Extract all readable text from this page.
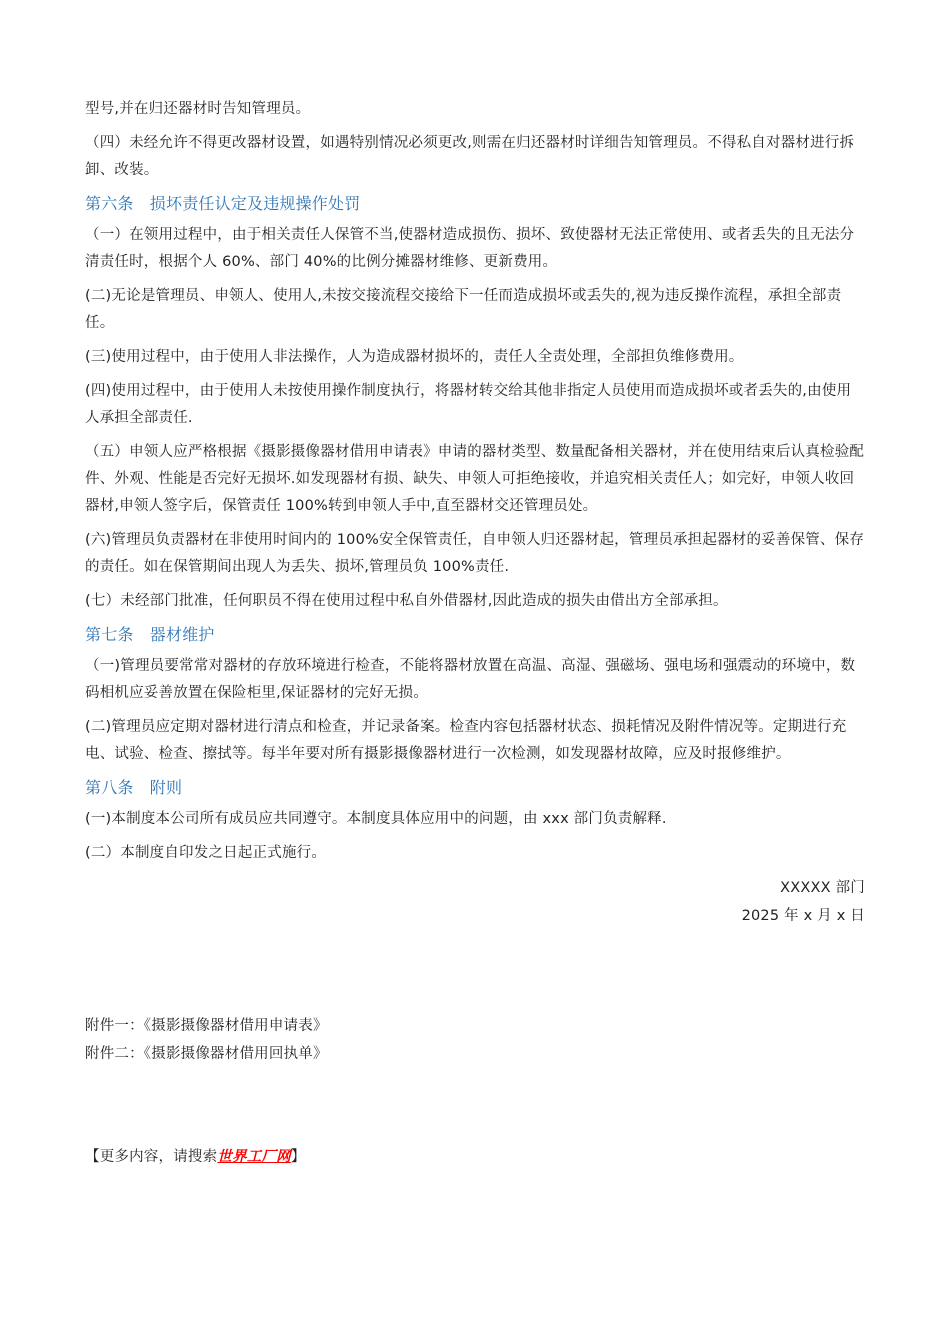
型号,并在归还器材时告知管理员。

（四）未经允许不得更改器材设置，如遇特别情况必须更改,则需在归还器材时详细告知管理员。不得私自对器材进行拆卸、改装。

第六条　损坏责任认定及违规操作处罚

（一）在领用过程中，由于相关责任人保管不当,使器材造成损伤、损坏、致使器材无法正常使用、或者丢失的且无法分清责任时，根据个人 60%、部门 40%的比例分摊器材维修、更新费用。

(二)无论是管理员、申领人、使用人,未按交接流程交接给下一任而造成损坏或丢失的,视为违反操作流程，承担全部责任。

(三)使用过程中，由于使用人非法操作，人为造成器材损坏的，责任人全责处理，全部担负维修费用。

(四)使用过程中，由于使用人未按使用操作制度执行，将器材转交给其他非指定人员使用而造成损坏或者丢失的,由使用人承担全部责任.

（五）申领人应严格根据《摄影摄像器材借用申请表》申请的器材类型、数量配备相关器材，并在使用结束后认真检验配件、外观、性能是否完好无损坏.如发现器材有损、缺失、申领人可拒绝接收，并追究相关责任人；如完好，申领人收回器材,申领人签字后，保管责任 100%转到申领人手中,直至器材交还管理员处。

(六)管理员负责器材在非使用时间内的 100%安全保管责任，自申领人归还器材起，管理员承担起器材的妥善保管、保存的责任。如在保管期间出现人为丢失、损坏,管理员负 100%责任.

(七）未经部门批准，任何职员不得在使用过程中私自外借器材,因此造成的损失由借出方全部承担。

第七条　器材维护

（一)管理员要常常对器材的存放环境进行检查，不能将器材放置在高温、高湿、强磁场、强电场和强震动的环境中，数码相机应妥善放置在保险柜里,保证器材的完好无损。

(二)管理员应定期对器材进行清点和检查，并记录备案。检查内容包括器材状态、损耗情况及附件情况等。定期进行充电、试验、检查、擦拭等。每半年要对所有摄影摄像器材进行一次检测，如发现器材故障，应及时报修维护。

第八条　附则

(一)本制度本公司所有成员应共同遵守。本制度具体应用中的问题，由 xxx 部门负责解释.

(二）本制度自印发之日起正式施行。

XXXXX 部门

2025 年 x 月 x 日

附件一：《摄影摄像器材借用申请表》

附件二：《摄影摄像器材借用回执单》

【更多内容，请搜索世界工厂网】
